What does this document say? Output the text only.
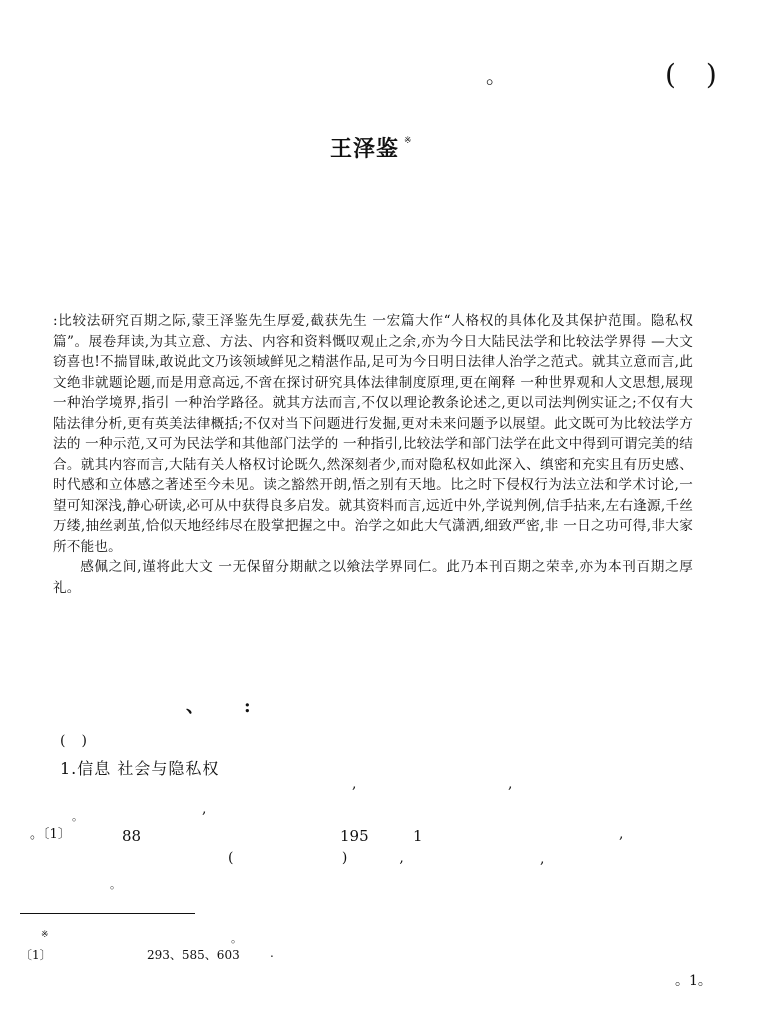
。	()
王泽鉴 ※

:比较法研究百期之际,蒙王泽鉴先生厚爱,截获先生 一宏篇大作“人格权的具体化及其保护范围。隐私权篇”。展卷拜读,为其立意、方法、内容和资料慨叹观止之余,亦为今日大陆民法学和比较法学界得 —大文窃喜也!不揣冒昧,敢说此文乃该领域鲜见之精湛作品,足可为今日明日法律人治学之范式。就其立意而言,此文绝非就题论题,而是用意高远,不啻在探讨研究具体法律制度原理,更在阐释 一种世界观和人文思想,展现 一种治学境界,指引 一种治学路径。就其方法而言,不仅以理论教条论述之,更以司法判例实证之;不仅有大陆法律分析,更有英美法律概括;不仅对当下问题进行发掘,更对未来问题予以展望。此文既可为比较法学方法的 一种示范,又可为民法学和其他部门法学的 一种指引,比较法学和部门法学在此文中得到可谓完美的结合。就其内容而言,大陆有关人格权讨论既久,然深刻者少,而对隐私权如此深入、缜密和充实且有历史感、时代感和立体感之著述至今未见。读之豁然开朗,悟之别有天地。比之时下侵权行为法立法和学术讨论,一望可知深浅,静心研读,必可从中获得良多启发。就其资料而言,远近中外,学说判例,信手拈来,左右逢源,千丝万缕,抽丝剥茧,恰似天地经纬尽在股掌把握之中。治学之如此大气潇洒,细致严密,非 一日之功可得,非大家所不能也。

感佩之间,谨将此大文 一无保留分期献之以飨法学界同仁。此乃本刊百期之荣幸,亦为本刊百期之厚礼。

、:
()
1.信息 社会与隐私权
,	,
,
。
。〔1〕	88	195	1	,
( ),	,
。
※	。
〔1〕	293、585、603	.
。1。
